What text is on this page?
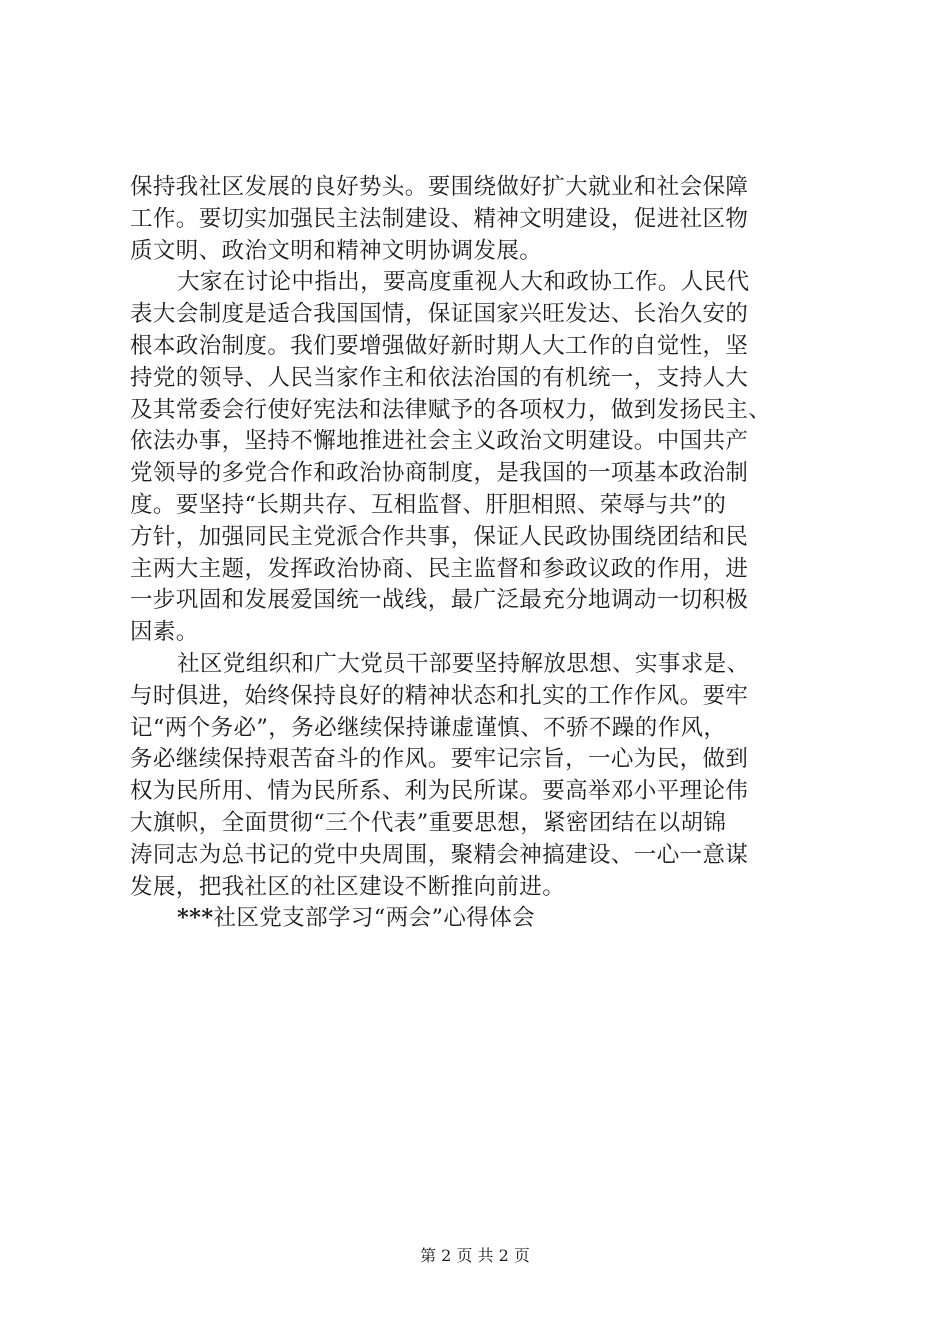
保持我社区发展的良好势头。要围绕做好扩大就业和社会保障
工作。要切实加强民主法制建设、精神文明建设，促进社区物
质文明、政治文明和精神文明协调发展。
大家在讨论中指出，要高度重视人大和政协工作。人民代
表大会制度是适合我国国情，保证国家兴旺发达、长治久安的
根本政治制度。我们要增强做好新时期人大工作的自觉性，坚
持党的领导、人民当家作主和依法治国的有机统一，支持人大
及其常委会行使好宪法和法律赋予的各项权力，做到发扬民主、
依法办事，坚持不懈地推进社会主义政治文明建设。中国共产
党领导的多党合作和政治协商制度，是我国的一项基本政治制
度。要坚持“长期共存、互相监督、肝胆相照、荣辱与共”的
方针，加强同民主党派合作共事，保证人民政协围绕团结和民
主两大主题，发挥政治协商、民主监督和参政议政的作用，进
一步巩固和发展爱国统一战线，最广泛最充分地调动一切积极
因素。
社区党组织和广大党员干部要坚持解放思想、实事求是、
与时俱进，始终保持良好的精神状态和扎实的工作作风。要牢
记“两个务必”，务必继续保持谦虚谨慎、不骄不躁的作风，
务必继续保持艰苦奋斗的作风。要牢记宗旨，一心为民，做到
权为民所用、情为民所系、利为民所谋。要高举邓小平理论伟
大旗帜，全面贯彻“三个代表”重要思想，紧密团结在以胡锦
涛同志为总书记的党中央周围，聚精会神搞建设、一心一意谋
发展，把我社区的社区建设不断推向前进。
***社区党支部学习“两会”心得体会
第 2 页 共 2 页
